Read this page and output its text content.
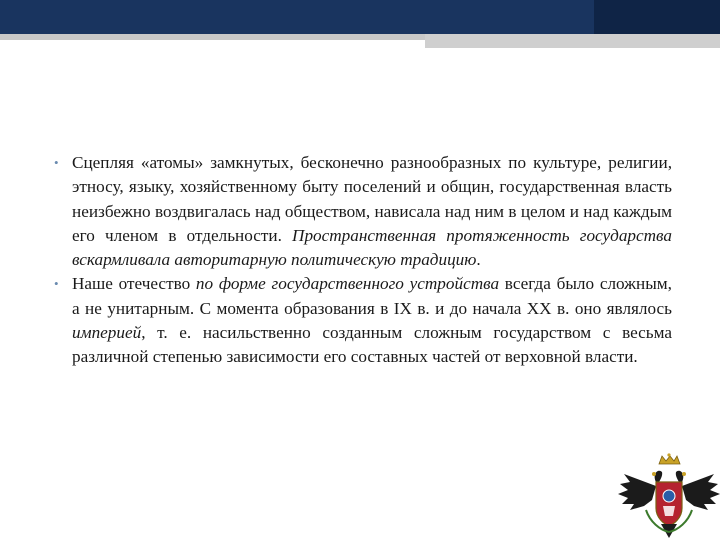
• Сцепляя «атомы» замкнутых, бесконечно разнообразных по культуре, религии, этносу, языку, хозяйственному быту поселений и общин, государственная власть неизбежно воздвигалась над обществом, нависала над ним в целом и над каждым его членом в отдельности. Пространственная протяженность государства вскармливала авторитарную политическую традицию.
• Наше отечество по форме государственного устройства всегда было сложным, а не унитарным. С момента образования в IX в. и до начала XX в. оно являлось империей, т. е. насильственно созданным сложным государством с весьма различной степенью зависимости его составных частей от верховной власти.
